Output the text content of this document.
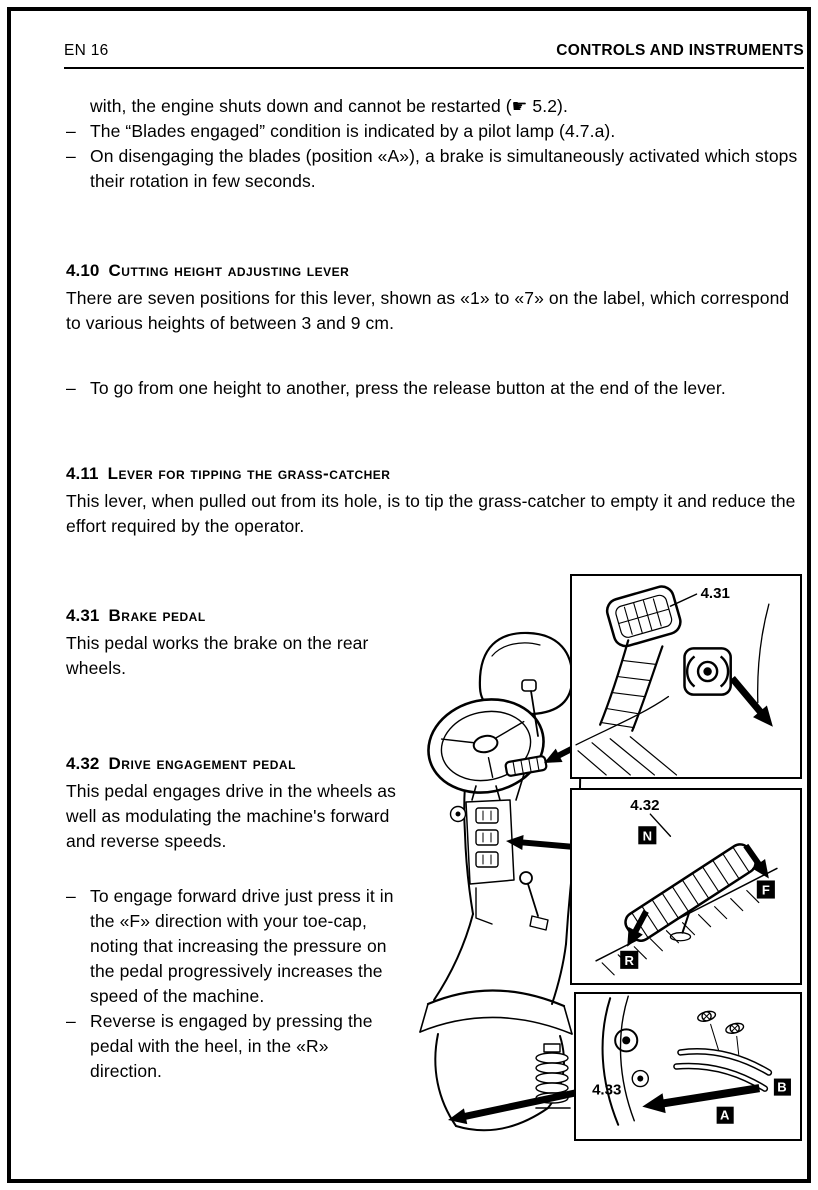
EN 16	CONTROLS AND INSTRUMENTS
with, the engine shuts down and cannot be restarted (☛ 5.2).
– The “Blades engaged” condition is indicated by a pilot lamp (4.7.a).
– On disengaging the blades (position «A»), a brake is simultaneously activated which stops their rotation in few seconds.
4.10 Cutting height adjusting lever
There are seven positions for this lever, shown as «1» to «7» on the label, which correspond to various heights of between 3 and 9 cm.
– To go from one height to another, press the release button at the end of the lever.
4.11 Lever for tipping the grass-catcher
This lever, when pulled out from its hole, is to tip the grass-catcher to empty it and reduce the effort required by the operator.
4.31 Brake pedal
This pedal works the brake on the rear wheels.
4.32 Drive engagement pedal
This pedal engages drive in the wheels as well as modulating the machine's forward and reverse speeds.
– To engage forward drive just press it in the «F» direction with your toe-cap, noting that increasing the pressure on the pedal progressively increases the speed of the machine.
– Reverse is engaged by pressing the pedal with the heel, in the «R» direction.
4.31
N
F
R
4.32
A
B
4.33
